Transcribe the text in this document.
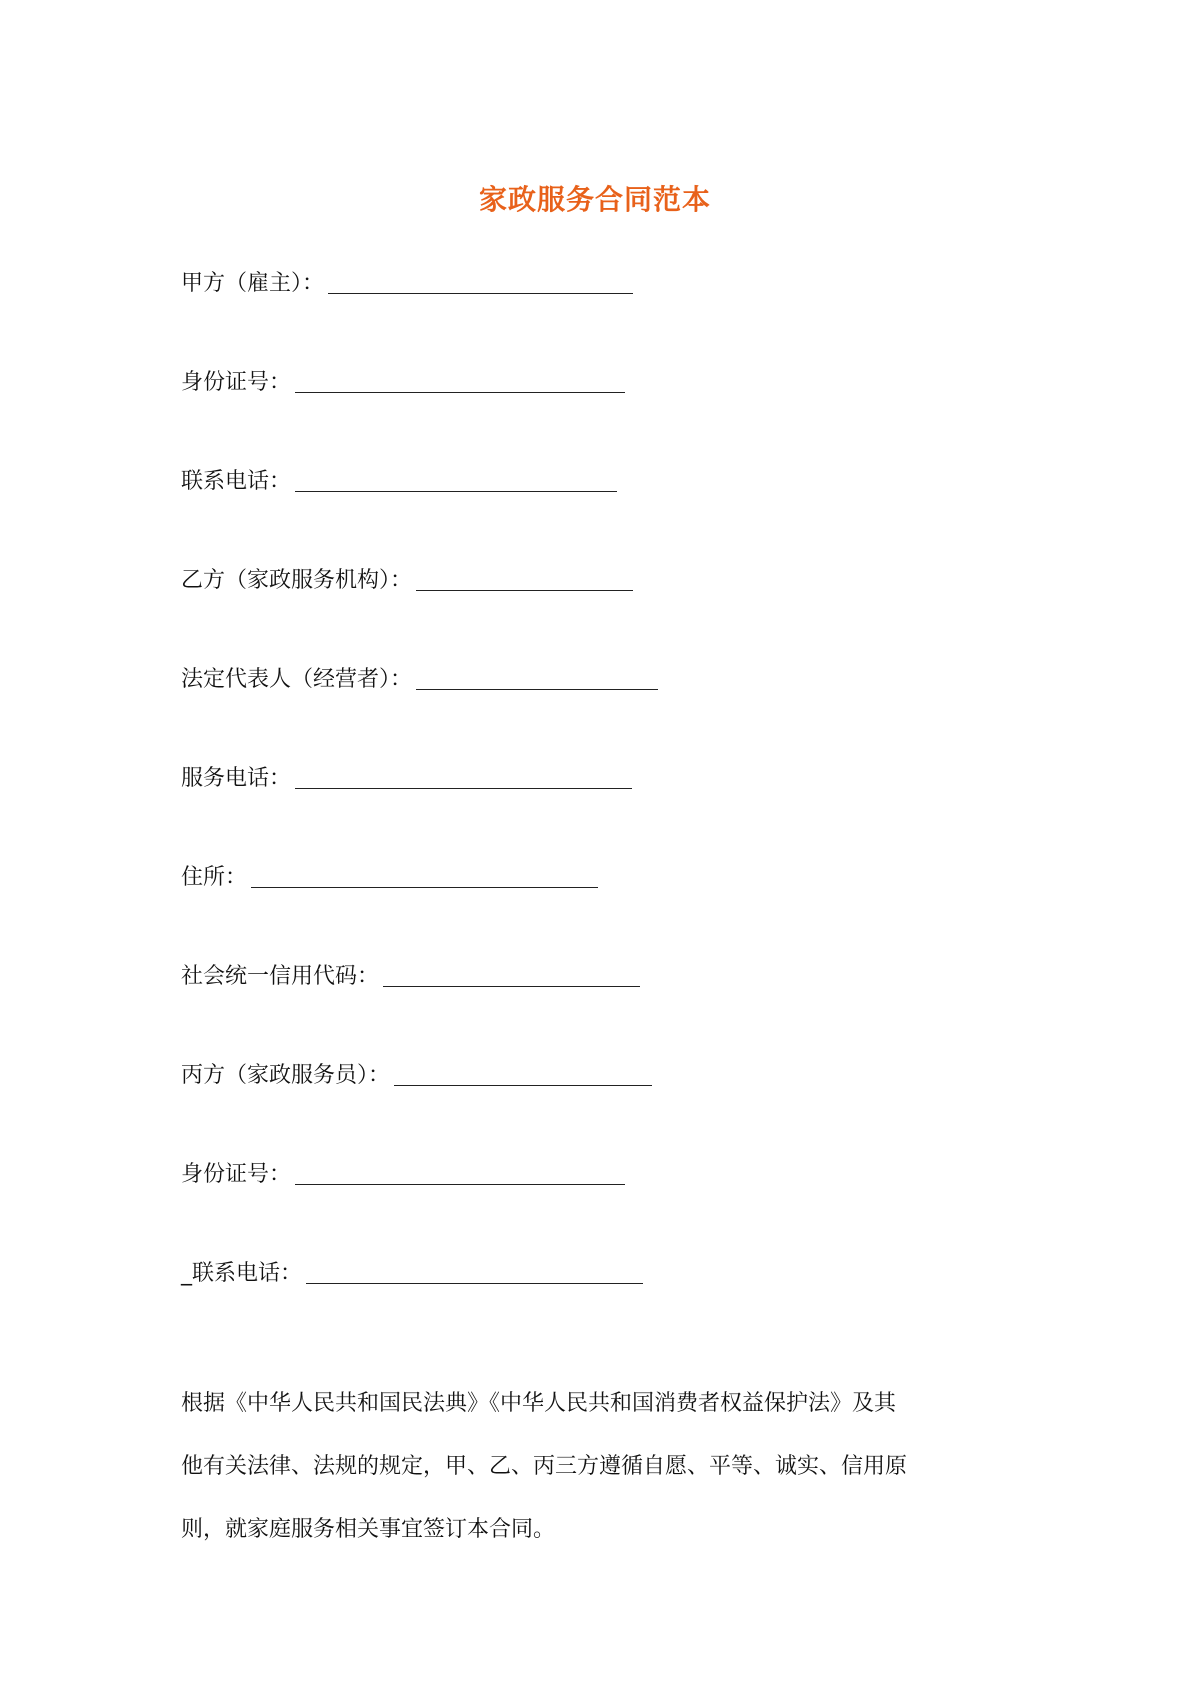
家政服务合同范本
甲方（雇主）：
身份证号：
联系电话：
乙方（家政服务机构）：
法定代表人（经营者）：
服务电话：
住所：
社会统一信用代码：
丙方（家政服务员）：
身份证号：
_联系电话：
根据《中华人民共和国民法典》《中华人民共和国消费者权益保护法》及其
他有关法律、法规的规定，甲、乙、丙三方遵循自愿、平等、诚实、信用原
则，就家庭服务相关事宜签订本合同。
